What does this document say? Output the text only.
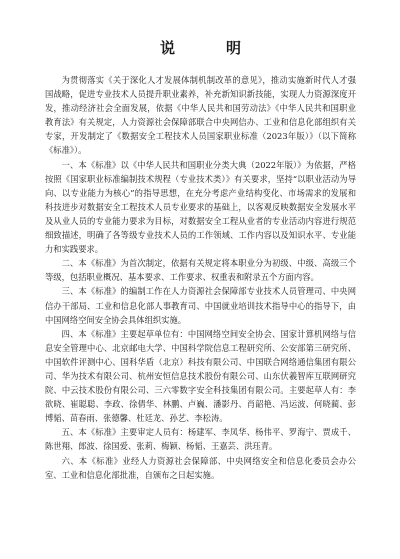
说　明

为贯彻落实《关于深化人才发展体制机制改革的意见》，推动实施新时代人才强国战略，促进专业技术人员提升职业素养，补充新知识新技能，实现人力资源深度开发，推动经济社会全面发展，依据《中华人民共和国劳动法》《中华人民共和国职业教育法》有关规定，人力资源社会保障部联合中央网信办、工业和信息化部组织有关专家，开发制定了《数据安全工程技术人员国家职业标准（2023年版）》（以下简称《标准》）。

一、本《标准》以《中华人民共和国职业分类大典（2022年版）》为依据，严格按照《国家职业标准编制技术规程（专业技术类）》有关要求，坚持“以职业活动为导向、以专业能力为核心”的指导思想，在充分考虑产业结构变化、市场需求的发展和科技进步对数据安全工程技术人员专业要求的基础上，以客观反映数据安全发展水平及从业人员的专业能力要求为目标，对数据安全工程从业者的专业活动内容进行规范细致描述，明确了各等级专业技术人员的工作领域、工作内容以及知识水平、专业能力和实践要求。

二、本《标准》为首次制定，依据有关规定将本职业分为初级、中级、高级三个等级，包括职业概况、基本要求、工作要求、权重表和附录五个方面内容。

三、本《标准》的编制工作在人力资源社会保障部专业技术人员管理司、中央网信办干部局、工业和信息化部人事教育司、中国就业培训技术指导中心的指导下，由中国网络空间安全协会具体组织实施。

四、本《标准》主要起草单位有：中国网络空间安全协会、国家计算机网络与信息安全管理中心、北京邮电大学、中国科学院信息工程研究所、公安部第三研究所、中国软件评测中心、国科华盾（北京）科技有限公司、中国联合网络通信集团有限公司、华为技术有限公司、杭州安恒信息技术股份有限公司、山东伏羲智库互联网研究院、中云技术股份有限公司、三六零数字安全科技集团有限公司。主要起草人有：李欲晓、崔聪聪、李政、徐倩华、林鹏、卢巍、潘影丹、肖韶艳、冯运波、何晓蔺、彭博韬、苗春雨、张德馨、杜廷龙、孙艺、李松涛。

五、本《标准》主要审定人员有：杨建军、李凤华、杨伟平、罗海宁、贾成千、陈世翔、郎波、徐国爱、张莉、梅颖、杨韬、王嘉芸、洪珏青。

六、本《标准》业经人力资源社会保障部、中央网络安全和信息化委员会办公室、工业和信息化部批准，自颁布之日起实施。
